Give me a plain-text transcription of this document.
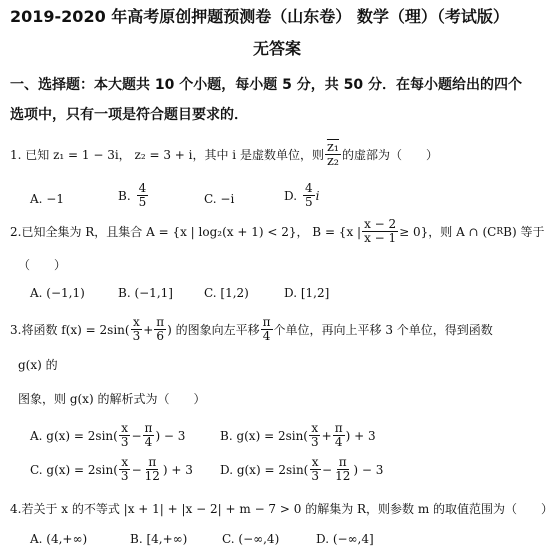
2019-2020 年高考原创押题预测卷（山东卷） 数学（理）（考试版）
无答案
一、选择题：本大题共 10 个小题，每小题 5 分，共 50 分．在每小题给出的四个
选项中，只有一项是符合题目要求的．
1. 已知 z₁ = 1 − 3i， z₂ = 3 + i，其中 i 是虚数单位，则 $\frac{\text{z₁}}{\text{z₂}}$ 的虚部为（　　）
A. −1	B. $\frac{4}{5}$	C. −i	D. $\frac{4}{5}$ i
2.已知全集为 R，且集合 A = {x | log₂(x + 1) < 2}， B = {x | $\frac{x - 2}{x - 1} \ge 0$}，则 A ∩ (C R B) 等于
（　　）
A. (−1,1)	B. (−1,1]	C. [1,2)	D. [1,2]
3.将函数 $f(x) = 2\sin( \frac{x}{3} + \frac{\pi}{6}$ ) 的图象向左平移 $\frac{\pi}{4}$ 个单位，再向上平移 3 个单位，得到函数
g(x) 的
图象，则 g(x) 的解析式为（　　）
A. $g(x) = 2\sin( \frac{x}{3} - \frac{\pi}{4}$ ) − 3	B. $g(x) = 2\sin( \frac{x}{3} + \frac{\pi}{4}$ ) + 3
C. $g(x) = 2\sin( \frac{x}{3} - \frac{\pi}{12}$ ) + 3 D. $g(x) = 2\sin( \frac{x}{3} - \frac{\pi}{12}$ ) − 3
4.若关于 x 的不等式 |x + 1| + |x − 2| + m − 7 > 0 的解集为 R，则参数 m 的取值范围为（　　）
A. (4,+∞)	B. [4,+∞)	C. (−∞,4)	D. (−∞,4]
